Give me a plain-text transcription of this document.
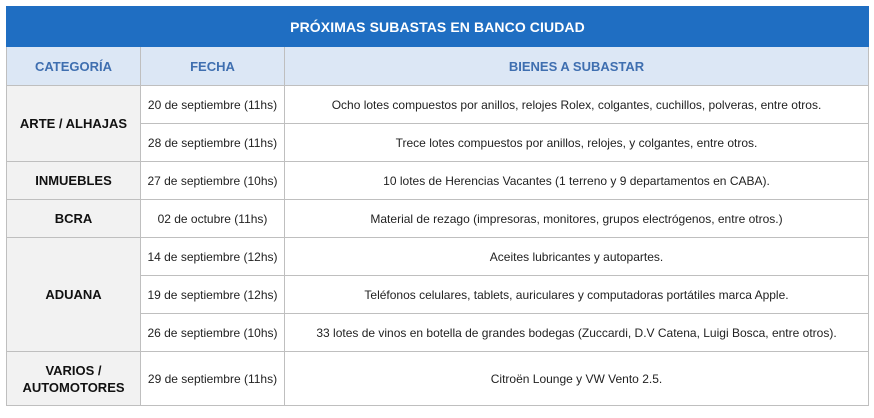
PRÓXIMAS SUBASTAS EN BANCO CIUDAD		
CATEGORÍA	FECHA	BIENES A SUBASTAR
ARTE / ALHAJAS	20 de septiembre (11hs)	Ocho lotes compuestos por anillos, relojes Rolex, colgantes, cuchillos, polveras, entre otros.
	28 de septiembre (11hs)	Trece lotes compuestos por anillos, relojes, y colgantes, entre otros.
INMUEBLES	27 de septiembre (10hs)	10 lotes de Herencias Vacantes (1 terreno y 9 departamentos en CABA).
BCRA	02 de octubre (11hs)	Material de rezago (impresoras, monitores, grupos electrógenos, entre otros.)
ADUANA	14 de septiembre (12hs)	Aceites lubricantes y autopartes.
	19 de septiembre (12hs)	Teléfonos celulares, tablets, auriculares y computadoras portátiles marca Apple.
	26 de septiembre (10hs)	33 lotes de vinos en botella de grandes bodegas (Zuccardi, D.V Catena, Luigi Bosca, entre otros).
VARIOS /
AUTOMOTORES	29 de septiembre (11hs)	Citroën Lounge y VW Vento 2.5.
